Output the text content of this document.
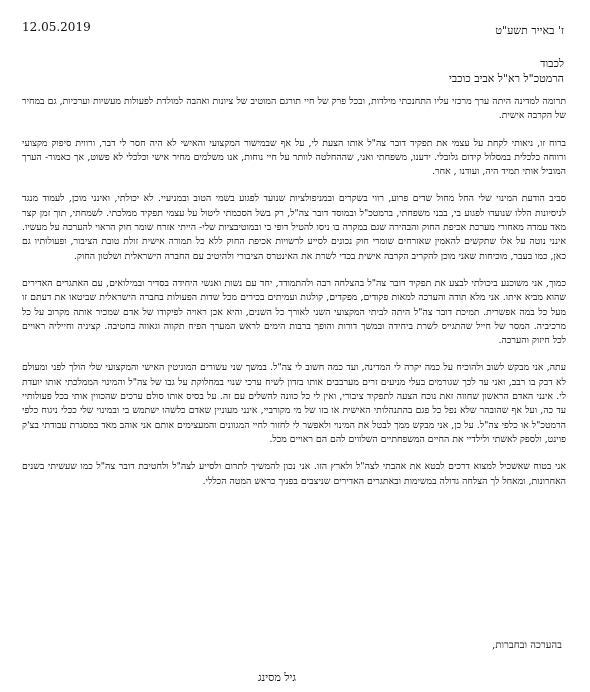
12.05.2019	ז' באייר תשע"ט
לכבוד
הרמטכ"ל רא"ל אביב כוכבי

תרומה למדינה היתה ערך מרכזי עליו התחנכתי מילדות, ובכל פרק של חיי תורגם המוטיב של ציונות ואהבה למולדת לפעולות מעשיות וערכיות, גם במחיר של הקרבה אישית.

ברוח זו, ניאותי לקחת על עצמי את תפקיד דובר צה"ל אותו הצעת לי, על אף שבמישור המקצועי והאישי לא היה חסר לי דבר, ורווית סיפוק מקצועי ורווחה כלכלית במסלול קידום גלובלי. ידענו, משפחתי ואני, שההחלטה לוותר על חיי נוחות, אנו משלמים מחיר אישי וכלכלי לא פשוט, אך כאמור- הערך המוביל אותי תמיד היה, ועודנו , אחר.

סביב הודעת המינוי שלי החל מחול שדים פרוע, רווי בשקרים ובמניפולציות שנועד לפגוע בשמי הטוב ובמניעיי. לא יכולתי, ואינני מוכן, לעמוד מנגד לניסיונות הללו שנועדו לפגוע בי, בבני משפחתי, ברמטכ"ל ובמוסד דובר צה"ל, רק בשל הסכמתי ליטול על עצמי תפקיד ממלכתי. לשמחתי, תוך זמן קצר מאד עמדה מאחורי מערכת אכיפת החוק והבהירה שגם במקרה בו ניסו להטיל דופי בי ובמוטיבציות שלי- הייתי אזרח שומר חוק הראוי להערכה על מעשיו. אינני נוטה על אלו שתקשים להאמין שאזרחים שומרי חוק נכונים לסייע לרשויות אכיפת החוק ללא כל תמורה אישית זולת טובת הציבור, ופעולותיו גם כאן, כמו בעבר, מוכיחות שאני מוכן להקריב הקרבה אישית בכדי לשרת את האינטרס הציבורי ולהיטיב עם החברה הישראלית ושלטון החוק.

כמוך, אני משוכנע ביכולתי לבצע את תפקיד דובר צה"ל בהצלחה רבה ולהתמודד, יחד עם נשות ואנשי היחידה בסדיר ובמילואים, עם האתגרים האדירים שהוא מביא איתו. אני מלא תודה והערכה למאות פקודים, מפקדים, קולגות ועמיתים בכירים מכל שדות הפעולות בחברה הישראלית שביטאו את דעתם זו מעל כל במה אפשרית. תמיכת דובר צה"ל היתה לביתי המקצועי השני לאורך כל השנים, והיא אכן ראויה לפיקודו של אדם שמכיר אותה מקרוב על כל מרכיביה. המסר של חייל שהתגייס לשרת ביחידה ובמשך דורות והופך ברבות הימים לראש המערך הפיח תקווה וגאווה בחטיבה. קציניה וחייליה ראויים לכל חיזוק והערכה.

עתה, אני מבקש לשוב ולהוכיח על כמה יקרה לי המדינה, ועד כמה חשוב לי צה"ל. במשך שני עשורים המוניטין האישי והמקצועי שלי הולך לפני ומעולם לא דבק בו רבב, ואני עד לכך שגורמים בעלי מניעים זרים מערבבים אותו בזדון לשיח ערכי שנוי במחלוקת על גבו של צה"ל והמינוי הממלכתי אותו יועדת לי. אינני האדם הראשון שחווה זאת נוכח הצעה לתפקיד ציבורי, ואין לי כל כוונה להשלים עם זה. על בסיס אותו סולם ערכים שהכווין אותי בכל פעולותיי עד כה, ועל אף שהובהר שלא נפל כל פגם בהתנהלותי האישית או בזו של מי מקורביי, אינני מעוניין שאדם כלשהו ישתמש בי ובמינוי שלי ככלי ניגוח כלפי הרמטכ"ל או כלפי צה"ל. על כן, אני מבקש ממך לבטל את המינוי ולאפשר לי לחזור לחיי המגוונים והמעצימים אותם אני אוהב מאד במסגרת עבודתי בצ'ק פוינט, ולספק לאשתי ולילדיי את החיים המשפחתיים השלווים להם הם ראויים מכל.

אני בטוח שאשכיל למצוא דרכים לבטא את אהבתי לצה"ל ולארץ הזו. אני נכון להמשיך לתרום ולסייע לצה"ל ולחטיבת דובר צה"ל כמו שעשיתי בשנים האחרונות, ומאחל לך הצלחה גדולה במשימות ובאתגרים האדירים שניצבים בפניך כראש המטה הכללי.

בהערכה ובחברות,
גיל מסינג
